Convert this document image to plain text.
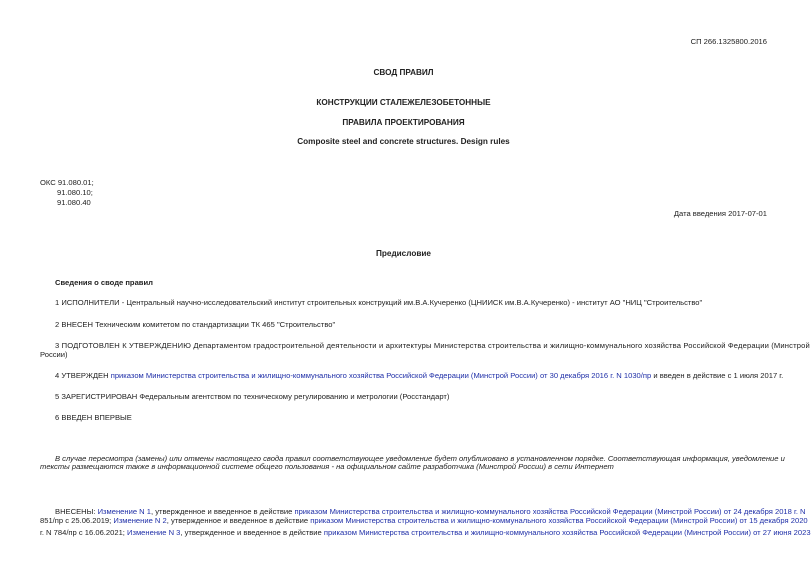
СП 266.1325800.2016
СВОД ПРАВИЛ
КОНСТРУКЦИИ СТАЛЕЖЕЛЕЗОБЕТОННЫЕ
ПРАВИЛА ПРОЕКТИРОВАНИЯ
Composite steel and concrete structures. Design rules
ОКС 91.080.01;
91.080.10;
91.080.40
Дата введения 2017-07-01
Предисловие
Сведения о своде правил
1 ИСПОЛНИТЕЛИ - Центральный научно-исследовательский институт строительных конструкций им.В.А.Кучеренко (ЦНИИСК им.В.А.Кучеренко) - институт АО "НИЦ "Строительство"
2 ВНЕСЕН Техническим комитетом по стандартизации ТК 465 "Строительство"
3 ПОДГОТОВЛЕН К УТВЕРЖДЕНИЮ Департаментом градостроительной деятельности и архитектуры Министерства строительства и жилищно-коммунального хозяйства Российской Федерации (Минстрой
России)
4 УТВЕРЖДЕН приказом Министерства строительства и жилищно-коммунального хозяйства Российской Федерации (Минстрой России) от 30 декабря 2016 г. N 1030/пр и введен в действие с 1 июля 2017 г.
5 ЗАРЕГИСТРИРОВАН Федеральным агентством по техническому регулированию и метрологии (Росстандарт)
6 ВВЕДЕН ВПЕРВЫЕ
В случае пересмотра (замены) или отмены настоящего свода правил соответствующее уведомление будет опубликовано в установленном порядке. Соответствующая информация, уведомление и
тексты размещаются также в информационной системе общего пользования - на официальном сайте разработчика (Минстрой России) в сети Интернет
ВНЕСЕНЫ: Изменение N 1, утвержденное и введенное в действие приказом Министерства строительства и жилищно-коммунального хозяйства Российской Федерации (Минстрой России) от 24 декабря 2018 г. N
851/пр с 25.06.2019; Изменение N 2, утвержденное и введенное в действие приказом Министерства строительства и жилищно-коммунального хозяйства Российской Федерации (Минстрой России) от 15 декабря 2020
г. N 784/пр с 16.06.2021; Изменение N 3, утвержденное и введенное в действие приказом Министерства строительства и жилищно-коммунального хозяйства Российской Федерации (Минстрой России) от 27 июня 2023
